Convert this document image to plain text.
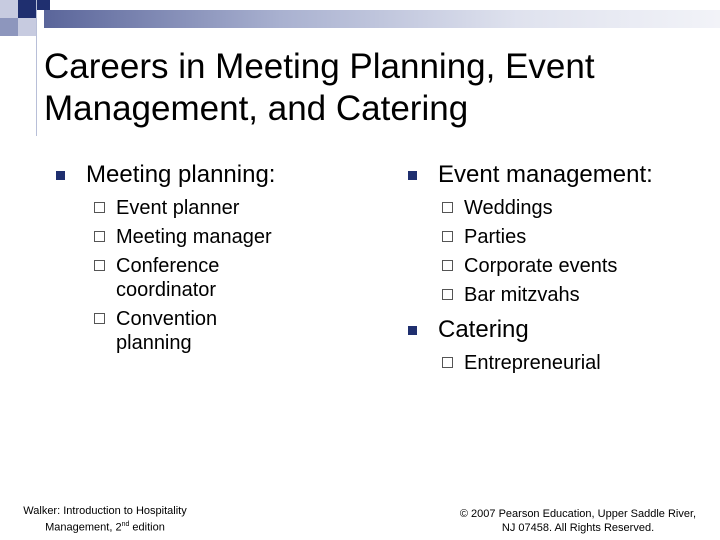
Careers in Meeting Planning, Event Management, and Catering
Meeting planning:
Event planner
Meeting manager
Conference coordinator
Convention planning
Event management:
Weddings
Parties
Corporate events
Bar mitzvahs
Catering
Entrepreneurial
Walker: Introduction to Hospitality
Management, 2nd edition
© 2007 Pearson Education, Upper Saddle River,
NJ 07458. All Rights Reserved.
